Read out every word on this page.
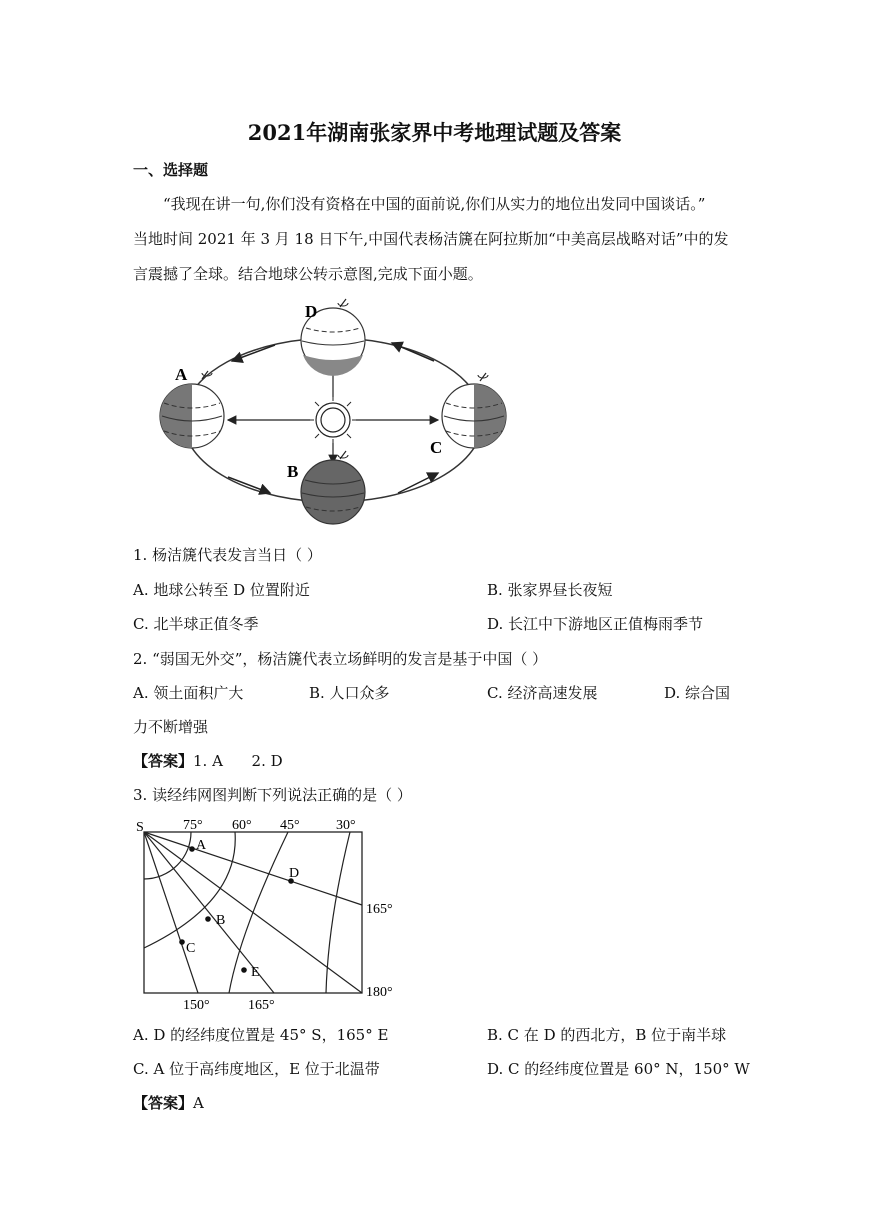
2021年湖南张家界中考地理试题及答案
一、选择题
“我现在讲一句,你们没有资格在中国的面前说,你们从实力的地位出发同中国谈话。”
当地时间 2021 年 3 月 18 日下午,中国代表杨洁篪在阿拉斯加“中美高层战略对话”中的发
言震撼了全球。结合地球公转示意图,完成下面小题。
D
A
C
B
1. 杨洁篪代表发言当日（ ）
A. 地球公转至 D 位置附近	B. 张家界昼长夜短
C. 北半球正值冬季	D. 长江中下游地区正值梅雨季节
2. “弱国无外交”，杨洁篪代表立场鲜明的发言是基于中国（ ）
A. 领土面积广大	B. 人口众多	C. 经济高速发展	D. 综合国
力不断增强
【答案】1. A      2. D
3. 读经纬网图判断下列说法正确的是（ ）
S	75° 60° 45°	30°
165°
180°
150°	165°
A
B
C
D
E
A. D 的经纬度位置是 45° S，165° E	B. C 在 D 的西北方，B 位于南半球
C. A 位于高纬度地区，E 位于北温带	D. C 的经纬度位置是 60° N，150° W
【答案】A
